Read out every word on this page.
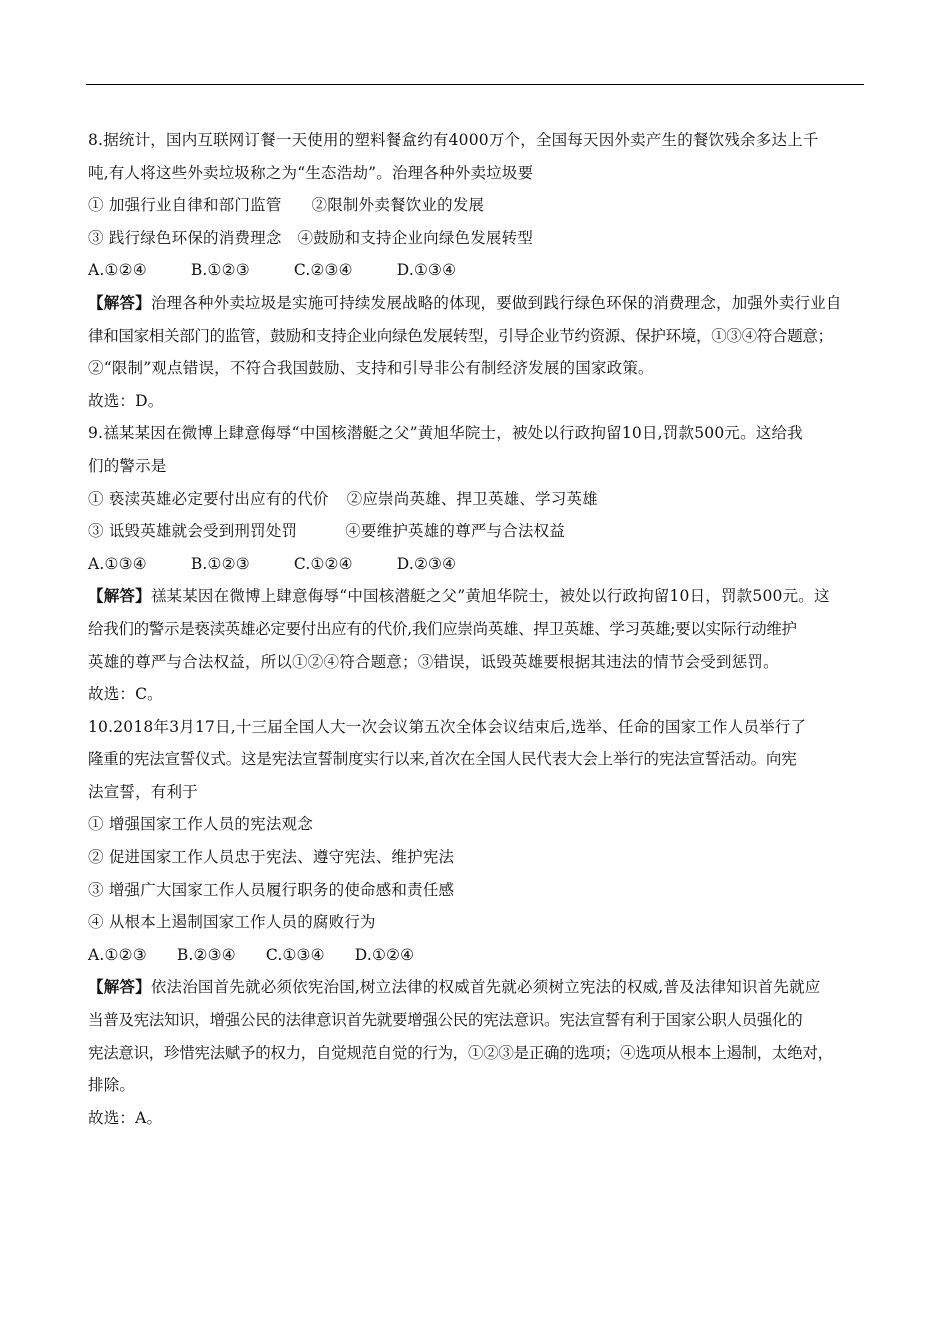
8.据统计，国内互联网订餐一天使用的塑料餐盒约有4000万个，全国每天因外卖产生的餐饮残余多达上千
吨,有人将这些外卖垃圾称之为“生态浩劫”。治理各种外卖垃圾要
① 加强行业自律和部门监管 ②限制外卖餐饮业的发展
③ 践行绿色环保的消费理念 ④鼓励和支持企业向绿色发展转型
A.①②④	B.①②③	C.②③④	D.①③④
【解答】治理各种外卖垃圾是实施可持续发展战略的体现，要做到践行绿色环保的消费理念，加强外卖行业自
律和国家相关部门的监管，鼓励和支持企业向绿色发展转型，引导企业节约资源、保护环境，①③④符合题意；
②“限制”观点错误，不符合我国鼓励、支持和引导非公有制经济发展的国家政策。
故选：D。
9.禚某某因在微博上肆意侮辱“中国核潜艇之父”黄旭华院士，被处以行政拘留10日,罚款500元。这给我
们的警示是
① 亵渎英雄必定要付出应有的代价 ②应崇尚英雄、捍卫英雄、学习英雄
③ 诋毁英雄就会受到刑罚处罚	④要维护英雄的尊严与合法权益
A.①③④	B.①②③	C.①②④	D.②③④
【解答】禚某某因在微博上肆意侮辱“中国核潜艇之父”黄旭华院士，被处以行政拘留10日，罚款500元。这
给我们的警示是亵渎英雄必定要付出应有的代价,我们应崇尚英雄、捍卫英雄、学习英雄;要以实际行动维护
英雄的尊严与合法权益，所以①②④符合题意；③错误，诋毁英雄要根据其违法的情节会受到惩罚。
故选：C。
10.2018年3月17日,十三届全国人大一次会议第五次全体会议结束后,选举、任命的国家工作人员举行了
隆重的宪法宣誓仪式。这是宪法宣誓制度实行以来,首次在全国人民代表大会上举行的宪法宣誓活动。向宪
法宣誓，有利于
① 增强国家工作人员的宪法观念
② 促进国家工作人员忠于宪法、遵守宪法、维护宪法
③ 增强广大国家工作人员履行职务的使命感和责任感
④ 从根本上遏制国家工作人员的腐败行为
A.①②③ B.②③④ C.①③④ D.①②④
【解答】依法治国首先就必须依宪治国,树立法律的权威首先就必须树立宪法的权威,普及法律知识首先就应
当普及宪法知识，增强公民的法律意识首先就要增强公民的宪法意识。宪法宣誓有利于国家公职人员强化的
宪法意识，珍惜宪法赋予的权力，自觉规范自觉的行为，①②③是正确的选项；④选项从根本上遏制，太绝对，
排除。
故选：A。
